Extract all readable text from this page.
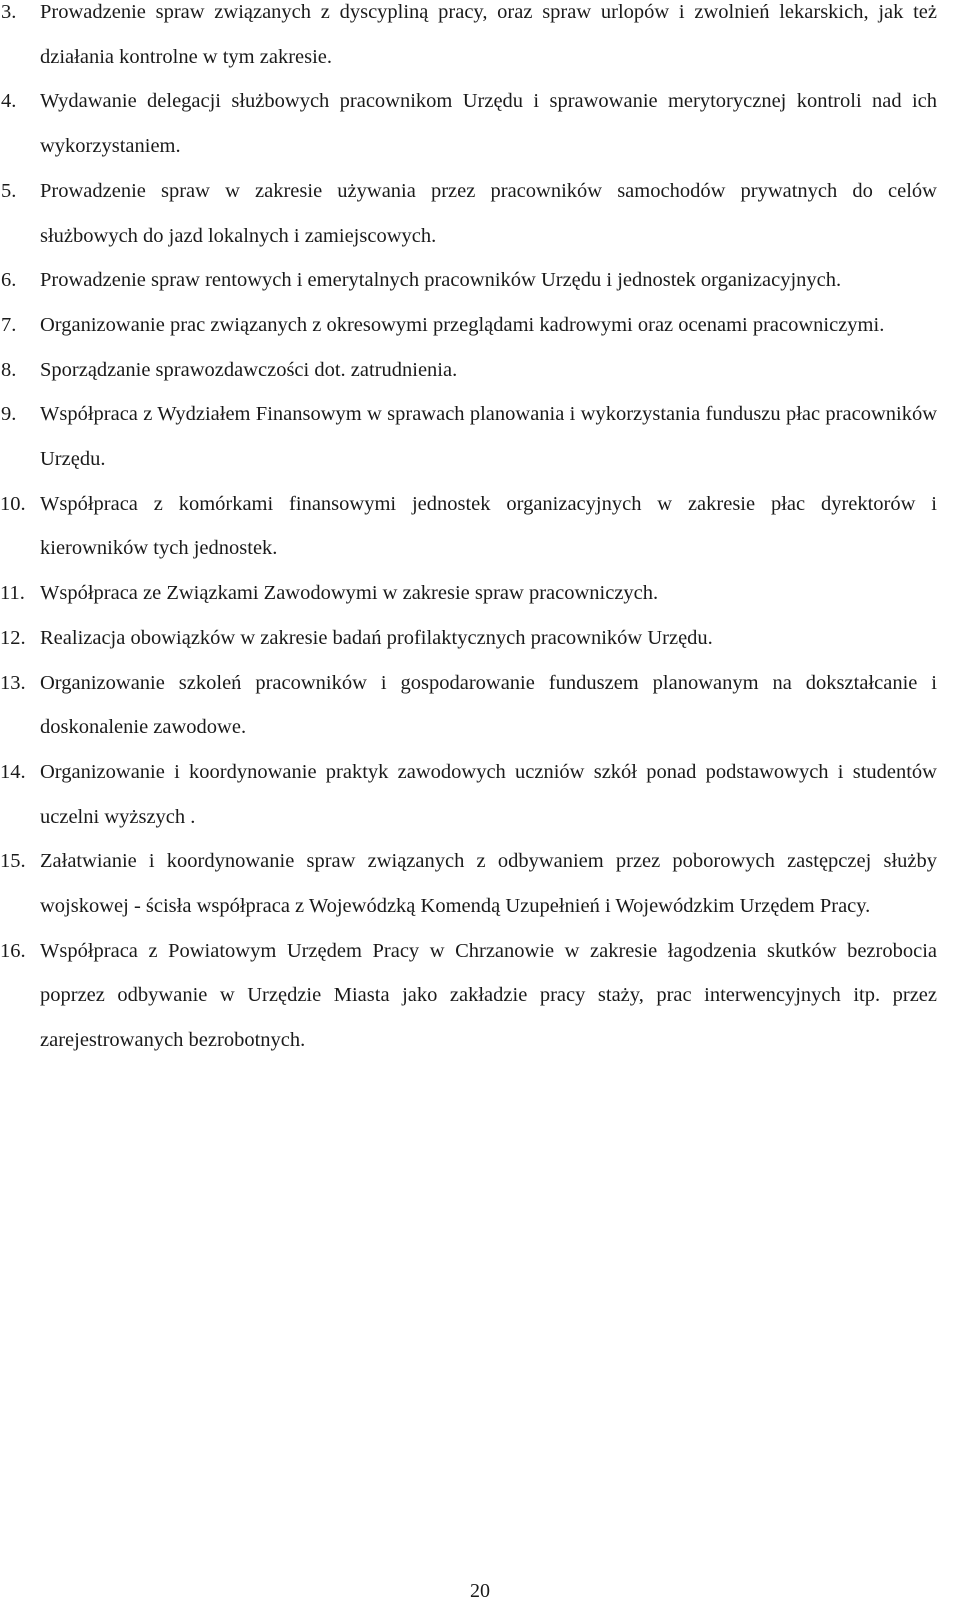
3.	Prowadzenie spraw związanych z dyscypliną pracy, oraz spraw urlopów i zwolnień lekarskich, jak też działania kontrolne w tym zakresie.
4.	Wydawanie delegacji służbowych pracownikom Urzędu i sprawowanie merytorycznej kontroli nad ich wykorzystaniem.
5.	Prowadzenie spraw w zakresie używania przez pracowników samochodów prywatnych do celów służbowych do jazd lokalnych i zamiejscowych.
6.	Prowadzenie spraw rentowych i emerytalnych pracowników Urzędu i jednostek organizacyjnych.
7.	Organizowanie prac związanych z okresowymi przeglądami kadrowymi oraz ocenami pracowniczymi.
8.	Sporządzanie sprawozdawczości dot. zatrudnienia.
9.	Współpraca z Wydziałem Finansowym w sprawach planowania i wykorzystania funduszu płac pracowników Urzędu.
10. Współpraca z komórkami finansowymi jednostek organizacyjnych w zakresie płac dyrektorów i kierowników tych jednostek.
11. Współpraca ze Związkami Zawodowymi w zakresie spraw pracowniczych.
12. Realizacja obowiązków w zakresie badań profilaktycznych pracowników Urzędu.
13. Organizowanie szkoleń pracowników i gospodarowanie funduszem planowanym na dokształcanie i doskonalenie zawodowe.
14. Organizowanie i koordynowanie praktyk zawodowych uczniów szkół ponad podstawowych i studentów uczelni wyższych .
15. Załatwianie i koordynowanie spraw związanych z odbywaniem przez poborowych zastępczej służby wojskowej - ścisła współpraca z Wojewódzką Komendą Uzupełnień i Wojewódzkim Urzędem Pracy.
16. Współpraca z Powiatowym Urzędem Pracy w Chrzanowie w zakresie łagodzenia skutków bezrobocia poprzez odbywanie w Urzędzie Miasta jako zakładzie pracy staży, prac interwencyjnych itp. przez zarejestrowanych bezrobotnych.
20
